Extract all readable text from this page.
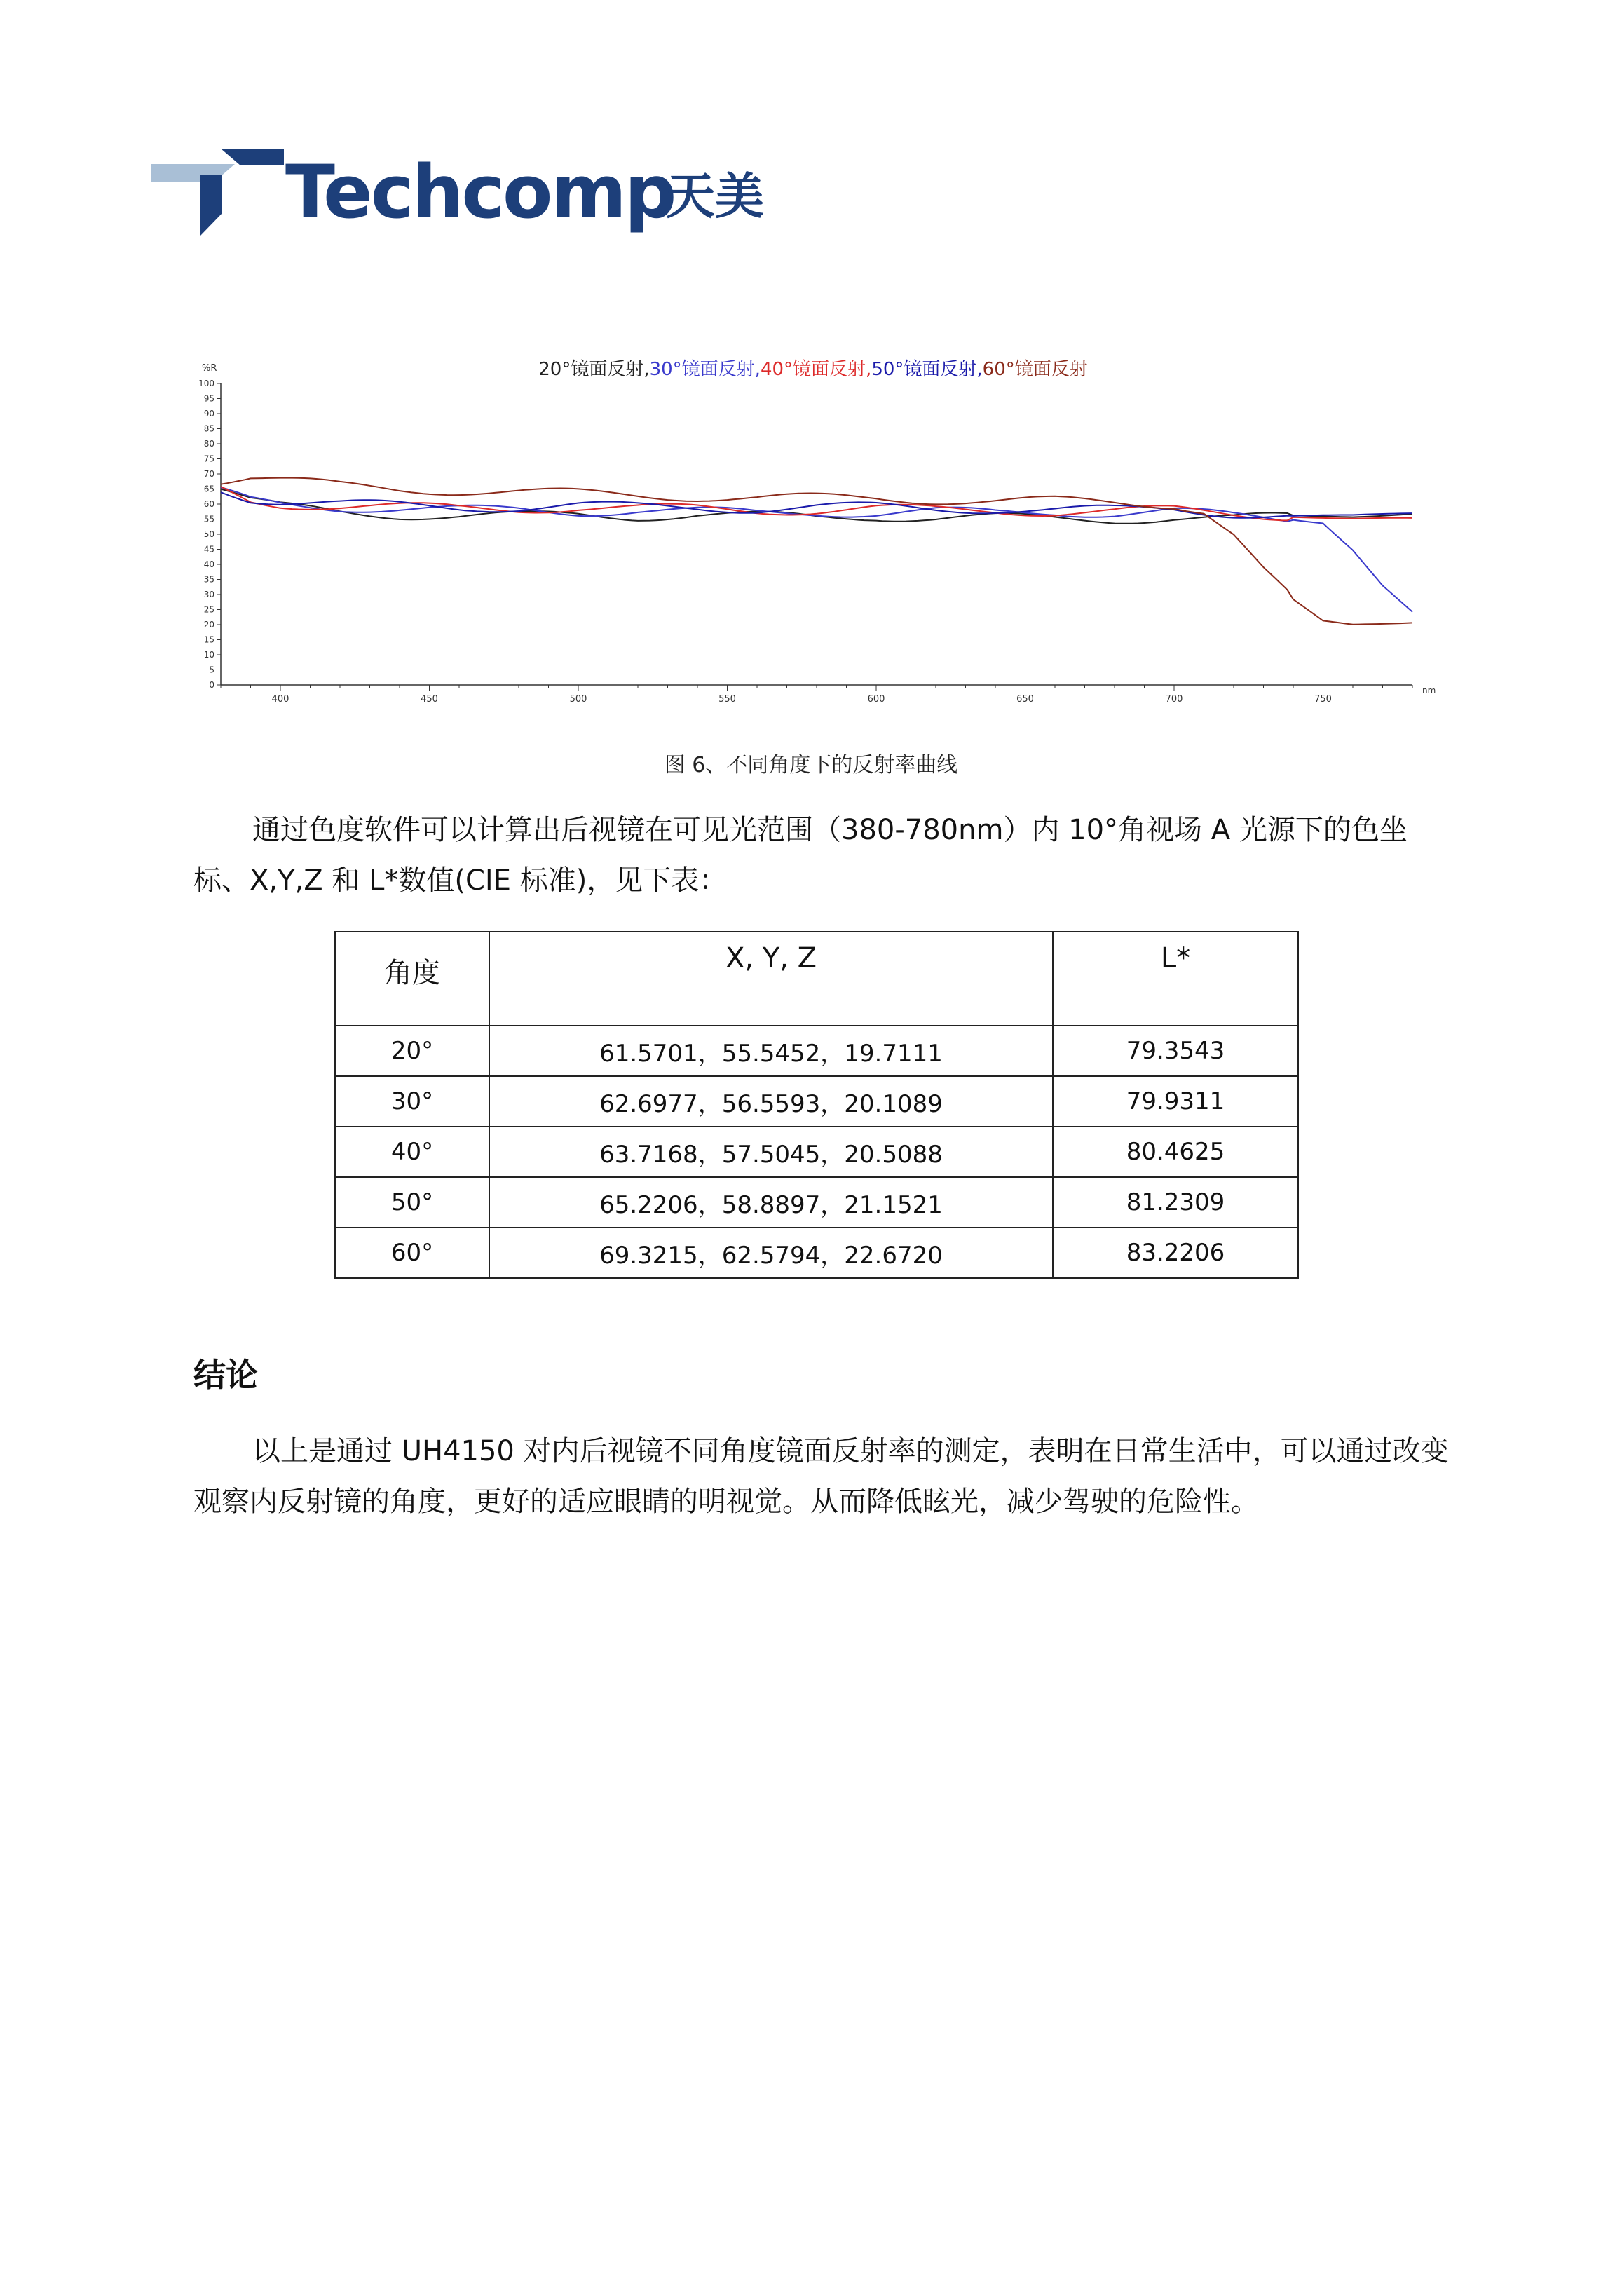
Techcomp
天美
20°镜面反射,30°镜面反射,40°镜面反射,50°镜面反射,60°镜面反射
%R
0
5
10
15
20
25
30
35
40
45
50
55
60
65
70
75
80
85
90
95
100
400	450	500	550	600	650	700	750
nm
图 6、不同角度下的反射率曲线
通过色度软件可以计算出后视镜在可见光范围（380-780nm）内 10°角视场 A 光源下的色坐标、X,Y,Z 和 L*数值(CIE 标准)，见下表：
角度	X, Y, Z	L*
20°	61.5701，55.5452，19.7111	79.3543
30°	62.6977，56.5593，20.1089	79.9311
40°	63.7168，57.5045，20.5088	80.4625
50°	65.2206，58.8897，21.1521	81.2309
60°	69.3215，62.5794，22.6720	83.2206
结论
以上是通过 UH4150 对内后视镜不同角度镜面反射率的测定，表明在日常生活中，可以通过改变观察内反射镜的角度，更好的适应眼睛的明视觉。从而降低眩光，减少驾驶的危险性。
